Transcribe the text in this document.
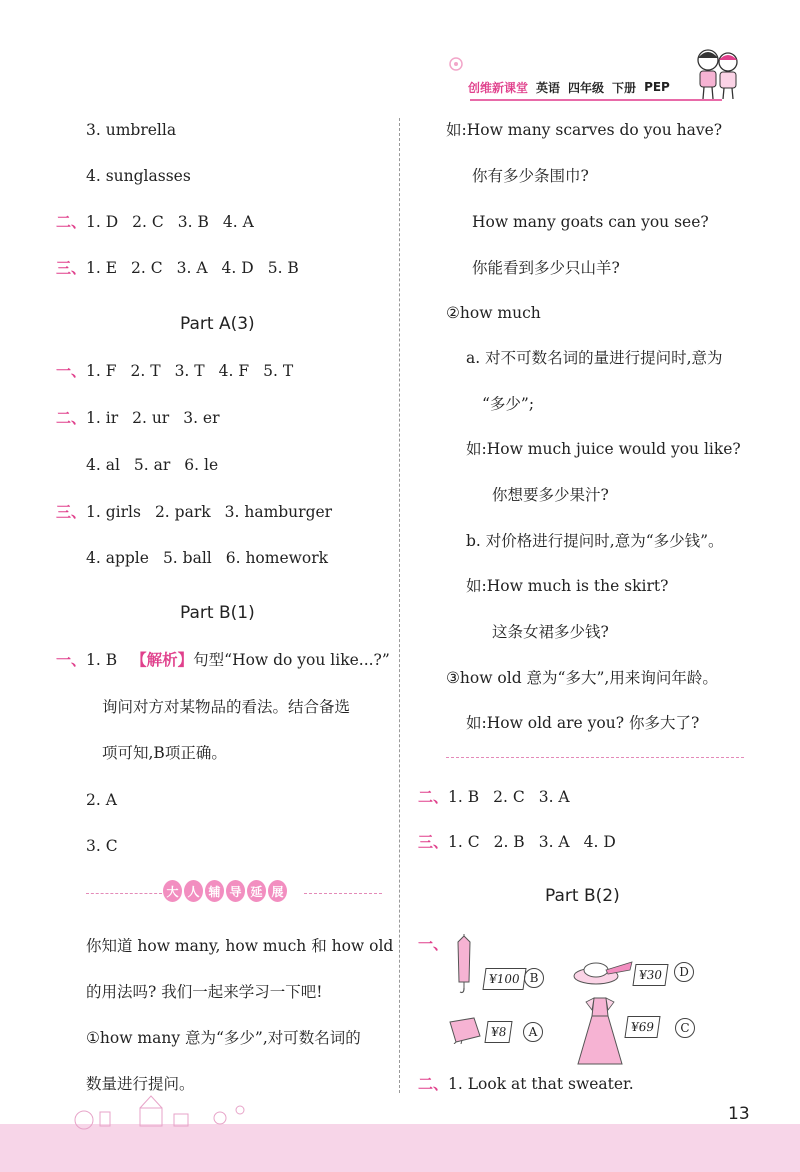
创维新课堂 英语 四年级 下册 PEP
3. umbrella
4. sunglasses
二、1. D 2. C 3. B 4. A
三、1. E 2. C 3. A 4. D 5. B
Part A(3)
一、1. F 2. T 3. T 4. F 5. T
二、1. ir 2. ur 3. er
4. al 5. ar 6. le
三、1. girls 2. park 3. hamburger
4. apple 5. ball 6. homework
Part B(1)
一、1. B 【解析】句型“How do you like...?”
询问对方对某物品的看法。结合备选
项可知,B项正确。
2. A
3. C
大 人 辅 导 延 展
你知道 how many, how much 和 how old
的用法吗? 我们一起来学习一下吧!
①how many 意为“多少”,对可数名词的
数量进行提问。
如:How many scarves do you have?
你有多少条围巾?
How many goats can you see?
你能看到多少只山羊?
②how much
a. 对不可数名词的量进行提问时,意为
“多少”;
如:How much juice would you like?
你想要多少果汁?
b. 对价格进行提问时,意为“多少钱”。
如:How much is the skirt?
这条女裙多少钱?
③how old 意为“多大”,用来询问年龄。
如:How old are you? 你多大了?
二、1. B 2. C 3. A
三、1. C 2. B 3. A 4. D
Part B(2)
一、
¥100 B	¥30	D
¥8	A	¥69	C
二、1. Look at that sweater.
13
